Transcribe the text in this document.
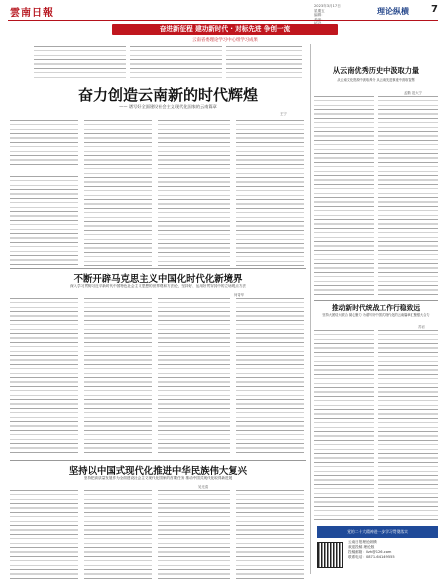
雲南日報
2023年3月17日
星期五
编辑：	理论纵横 7
奋进新征程 建功新时代 · 对标先进 争创一流
云南省委理论学习中心组学习成果
奋力创造云南新的时代辉煌
—— 谱写好全面建设社会主义现代化国家的云南篇章
王宁
从云南优秀历史中汲取力量
从云南文化资源中汲取养分 从云南先进事迹中汲取智慧
孟勤 范大宁
推动新时代统战工作行稳致远
坚持大团结大联合 凝心聚力 为谱写好中国式现代化的云南篇章汇聚强大合力
苏岩
不断开辟马克思主义中国化时代化新境界
深入学习贯彻习近平新时代中国特色社会主义思想的世界观和方法论，坚持好、运用好贯穿其中的立场观点方法
何奇华
坚持以中国式现代化推进中华民族伟大复兴
坚持把高质量发展作为全面建设社会主义现代化国家的首要任务 推动中国式现代化取得新进展
吴光清
党的二十大精神进一步学习贯彻落实
云南日报理论纵横
欢迎投稿 理论版
投稿邮箱：llzh@126.com
联系电话：0871-64149555
